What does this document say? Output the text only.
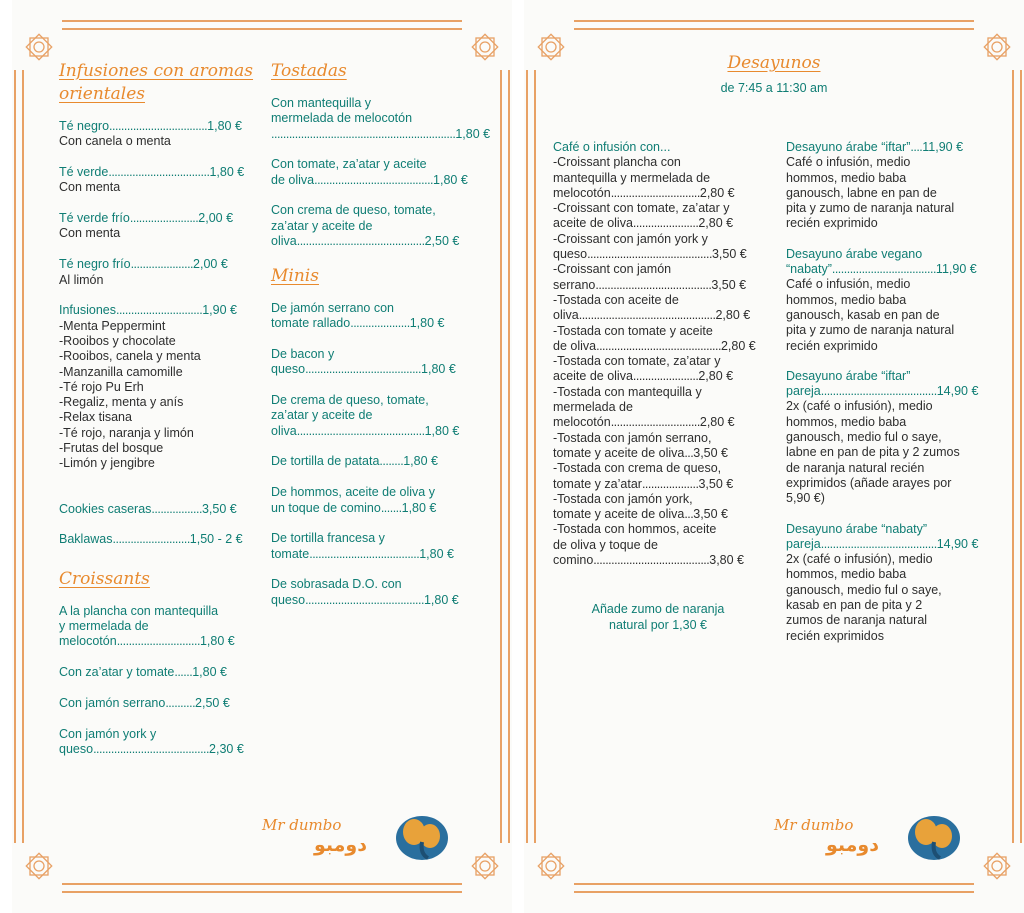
Infusiones con aromas
orientales
Té negro.................................1,80 €
Con canela o menta
Té verde..................................1,80 €
Con menta
Té verde frío.......................2,00 €
Con menta
Té negro frío.....................2,00 €
Al limón
Infusiones.............................1,90 €
-Menta Peppermint
-Rooibos y chocolate
-Rooibos, canela y menta
-Manzanilla camomille
-Té rojo Pu Erh
-Regaliz, menta y anís
-Relax tisana
-Té rojo, naranja y limón
-Frutas del bosque
-Limón y jengibre
Cookies caseras.................3,50 €
Baklawas..........................1,50 - 2 €
Croissants
A la plancha con mantequilla
y mermelada de
melocotón............................1,80 €
Con za’atar y tomate......1,80 €
Con jamón serrano..........2,50 €
Con jamón york y
queso.......................................2,30 €
Tostadas
Con mantequilla y
mermelada de melocotón
..............................................................1,80 €
Con tomate, za’atar y aceite
de oliva........................................1,80 €
Con crema de queso, tomate,
za’atar y aceite de
oliva...........................................2,50 €
Minis
De jamón serrano con
tomate rallado....................1,80 €
De bacon y
queso.......................................1,80 €
De crema de queso, tomate,
za’atar y aceite de
oliva...........................................1,80 €
De tortilla de patata........1,80 €
De hommos, aceite de oliva y
un toque de comino.......1,80 €
De tortilla francesa y
tomate.....................................1,80 €
De sobrasada D.O. con
queso........................................1,80 €
Mr dumbo
دومبو
Desayunos
de 7:45 a 11:30 am
Café o infusión con...
-Croissant plancha con
mantequilla y mermelada de
melocotón..............................2,80 €
-Croissant con tomate, za’atar y
aceite de oliva......................2,80 €
-Croissant con jamón york y
queso..........................................3,50 €
-Croissant con jamón
serrano.......................................3,50 €
-Tostada con aceite de
oliva..............................................2,80 €
-Tostada con tomate y aceite
de oliva..........................................2,80 €
-Tostada con tomate, za’atar y
aceite de oliva......................2,80 €
-Tostada con mantequilla y
mermelada de
melocotón..............................2,80 €
-Tostada con jamón serrano,
tomate y aceite de oliva...3,50 €
-Tostada con crema de queso,
tomate y za’atar...................3,50 €
-Tostada con jamón york,
tomate y aceite de oliva...3,50 €
-Tostada con hommos, aceite
de oliva y toque de
comino.......................................3,80 €
Añade zumo de naranja
natural por 1,30 €
Desayuno árabe “iftar”....11,90 €
Café o infusión, medio
hommos, medio baba
ganousch, labne en pan de
pita y zumo de naranja natural
recién exprimido
Desayuno árabe vegano
“nabaty”...................................11,90 €
Café o infusión, medio
hommos, medio baba
ganousch, kasab en pan de
pita y zumo de naranja natural
recién exprimido
Desayuno árabe “iftar”
pareja.......................................14,90 €
2x (café o infusión), medio
hommos, medio baba
ganousch, medio ful o saye,
labne en pan de pita y 2 zumos
de naranja natural recién
exprimidos (añade arayes por
5,90 €)
Desayuno árabe “nabaty”
pareja.......................................14,90 €
2x (café o infusión), medio
hommos, medio baba
ganousch, medio ful o saye,
kasab en pan de pita y 2
zumos de naranja natural
recién exprimidos
Mr dumbo
دومبو
